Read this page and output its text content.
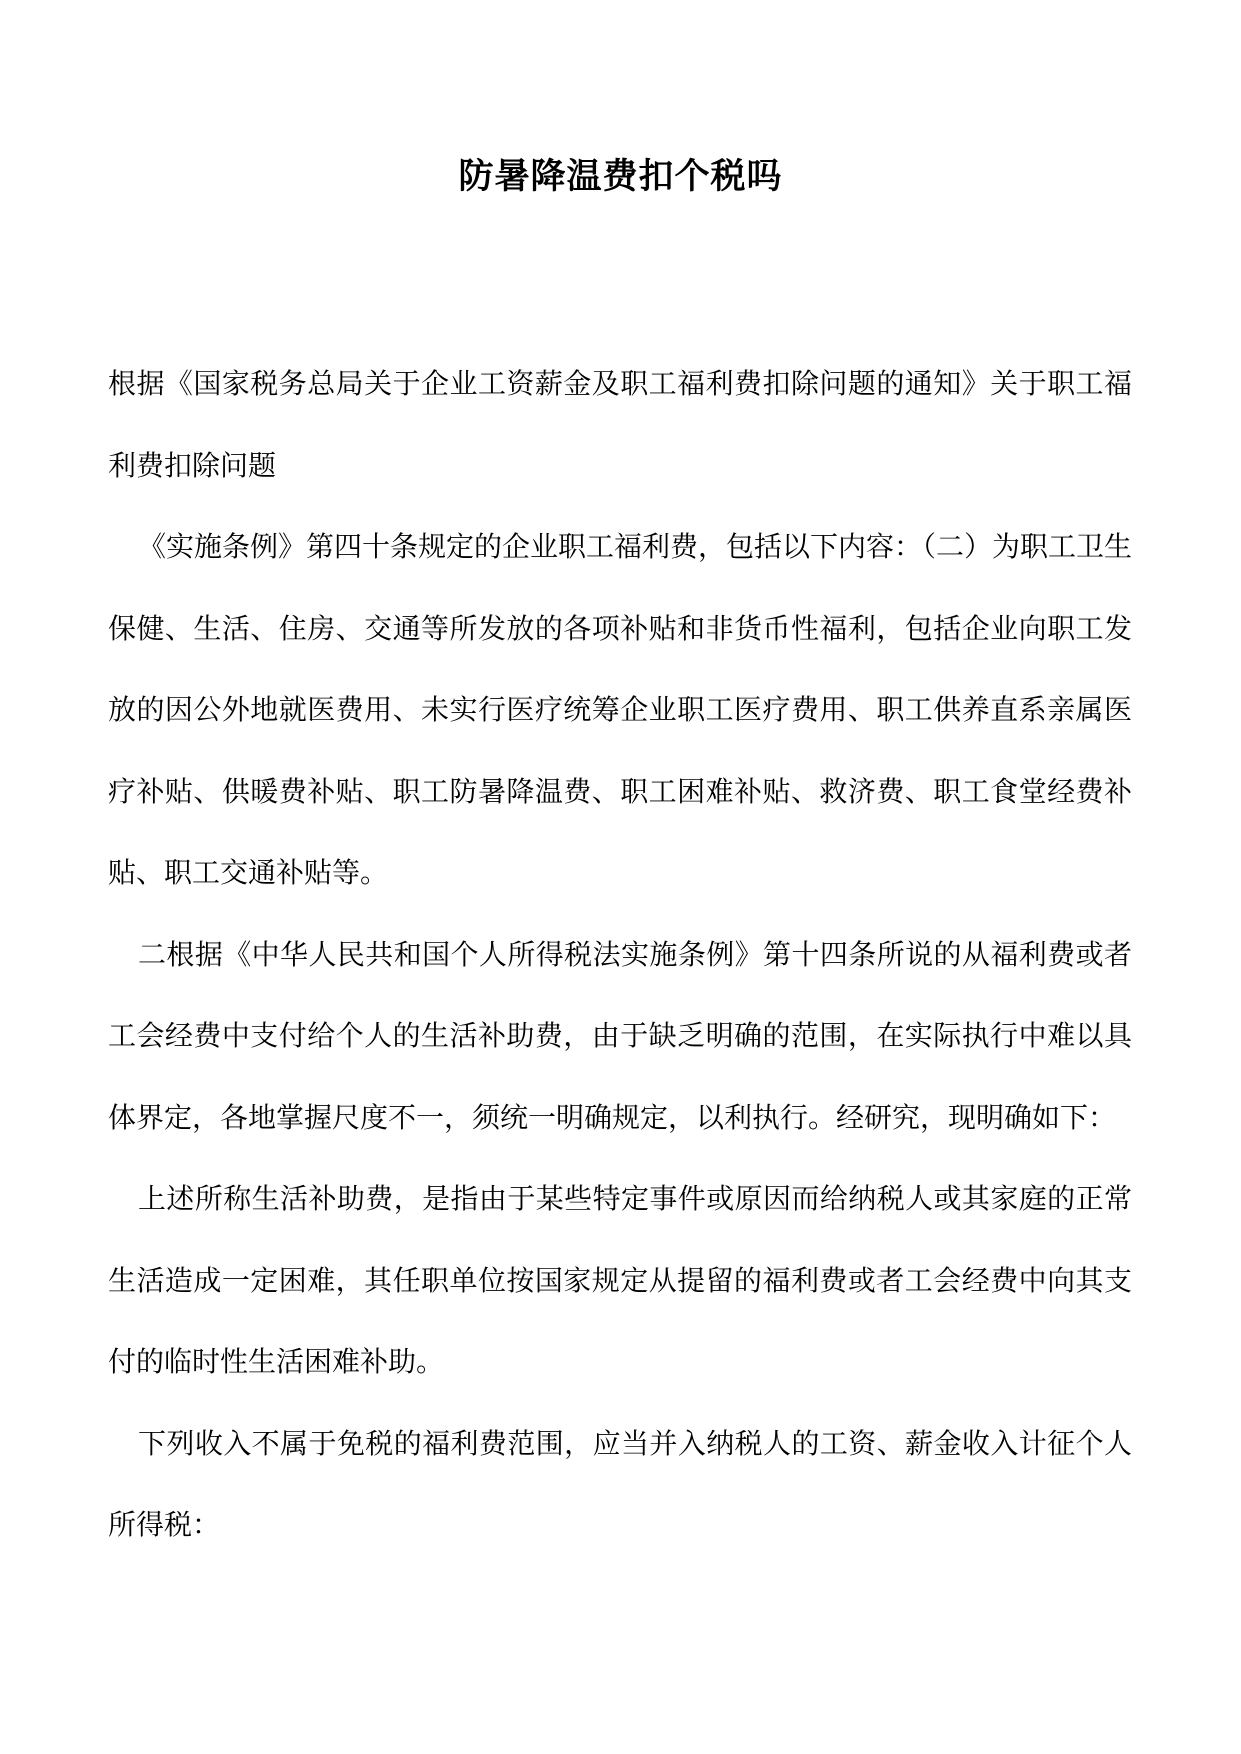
防暑降温费扣个税吗

根据《国家税务总局关于企业工资薪金及职工福利费扣除问题的通知》关于职工福利费扣除问题

《实施条例》第四十条规定的企业职工福利费，包括以下内容：（二）为职工卫生保健、生活、住房、交通等所发放的各项补贴和非货币性福利，包括企业向职工发放的因公外地就医费用、未实行医疗统筹企业职工医疗费用、职工供养直系亲属医疗补贴、供暖费补贴、职工防暑降温费、职工困难补贴、救济费、职工食堂经费补贴、职工交通补贴等。

二根据《中华人民共和国个人所得税法实施条例》第十四条所说的从福利费或者工会经费中支付给个人的生活补助费，由于缺乏明确的范围，在实际执行中难以具体界定，各地掌握尺度不一，须统一明确规定，以利执行。经研究，现明确如下：

上述所称生活补助费，是指由于某些特定事件或原因而给纳税人或其家庭的正常生活造成一定困难，其任职单位按国家规定从提留的福利费或者工会经费中向其支付的临时性生活困难补助。

下列收入不属于免税的福利费范围，应当并入纳税人的工资、薪金收入计征个人所得税：
